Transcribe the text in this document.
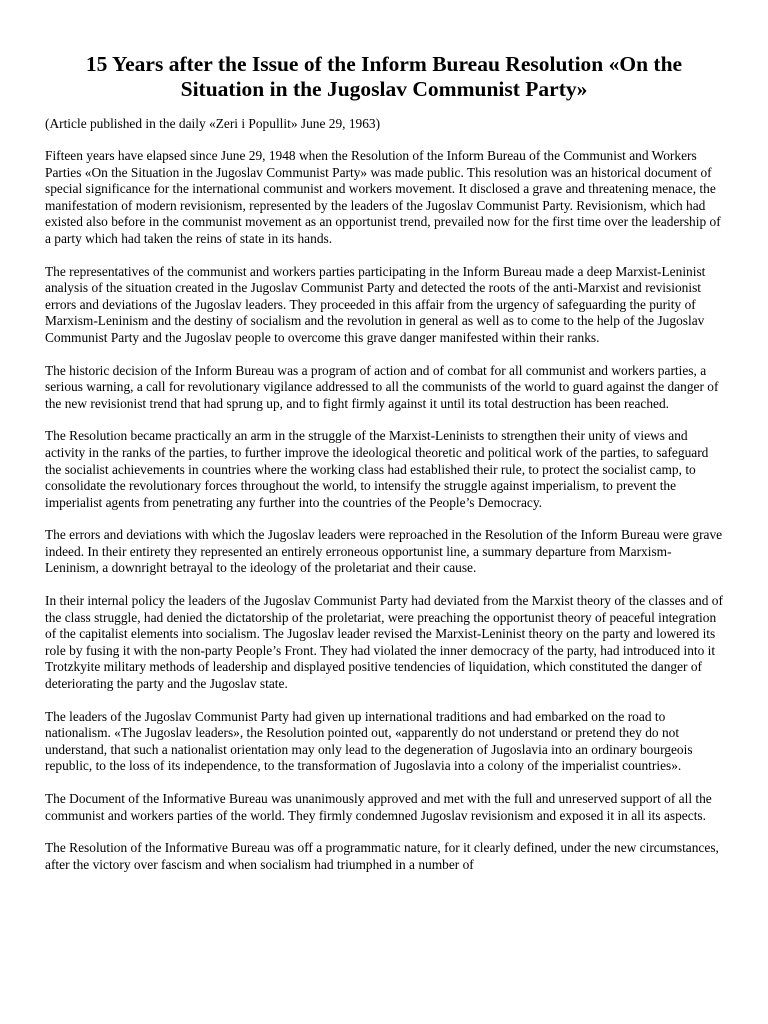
15 Years after the Issue of the Inform Bureau Resolution «On the Situation in the Jugoslav Communist Party»

(Article published in the daily «Zeri i Popullit» June 29, 1963)

Fifteen years have elapsed since June 29, 1948 when the Resolution of the Inform Bureau of the Communist and Workers Parties «On the Situation in the Jugoslav Communist Party» was made public. This resolution was an historical document of special significance for the international communist and workers movement. It disclosed a grave and threatening menace, the manifestation of modern revisionism, represented by the leaders of the Jugoslav Communist Party. Revisionism, which had existed also before in the communist movement as an opportunist trend, prevailed now for the first time over the leadership of a party which had taken the reins of state in its hands.

The representatives of the communist and workers parties participating in the Inform Bureau made a deep Marxist-Leninist analysis of the situation created in the Jugoslav Communist Party and detected the roots of the anti-Marxist and revisionist errors and deviations of the Jugoslav leaders. They proceeded in this affair from the urgency of safeguarding the purity of Marxism-Leninism and the destiny of socialism and the revolution in general as well as to come to the help of the Jugoslav Communist Party and the Jugoslav people to overcome this grave danger manifested within their ranks.

The historic decision of the Inform Bureau was a program of action and of combat for all communist and workers parties, a serious warning, a call for revolutionary vigilance addressed to all the communists of the world to guard against the danger of the new revisionist trend that had sprung up, and to fight firmly against it until its total destruction has been reached.

The Resolution became practically an arm in the struggle of the Marxist-Leninists to strengthen their unity of views and activity in the ranks of the parties, to further improve the ideological theoretic and political work of the parties, to safeguard the socialist achievements in countries where the working class had established their rule, to protect the socialist camp, to consolidate the revolutionary forces throughout the world, to intensify the struggle against imperialism, to prevent the imperialist agents from penetrating any further into the countries of the People’s Democracy.

The errors and deviations with which the Jugoslav leaders were reproached in the Resolution of the Inform Bureau were grave indeed. In their entirety they represented an entirely erroneous opportunist line, a summary departure from Marxism-Leninism, a downright betrayal to the ideology of the proletariat and their cause.

In their internal policy the leaders of the Jugoslav Communist Party had deviated from the Marxist theory of the classes and of the class struggle, had denied the dictatorship of the proletariat, were preaching the opportunist theory of peaceful integration of the capitalist elements into socialism. The Jugoslav leader revised the Marxist-Leninist theory on the party and lowered its role by fusing it with the non-party People’s Front. They had violated the inner democracy of the party, had introduced into it Trotzkyite military methods of leadership and displayed positive tendencies of liquidation, which constituted the danger of deteriorating the party and the Jugoslav state.

The leaders of the Jugoslav Communist Party had given up international traditions and had embarked on the road to nationalism. «The Jugoslav leaders», the Resolution pointed out, «apparently do not understand or pretend they do not understand, that such a nationalist orientation may only lead to the degeneration of Jugoslavia into an ordinary bourgeois republic, to the loss of its independence, to the transformation of Jugoslavia into a colony of the imperialist countries».

The Document of the Informative Bureau was unanimously approved and met with the full and unreserved support of all the communist and workers parties of the world. They firmly condemned Jugoslav revisionism and exposed it in all its aspects.

The Resolution of the Informative Bureau was off a programmatic nature, for it clearly defined, under the new circumstances, after the victory over fascism and when socialism had triumphed in a number of
